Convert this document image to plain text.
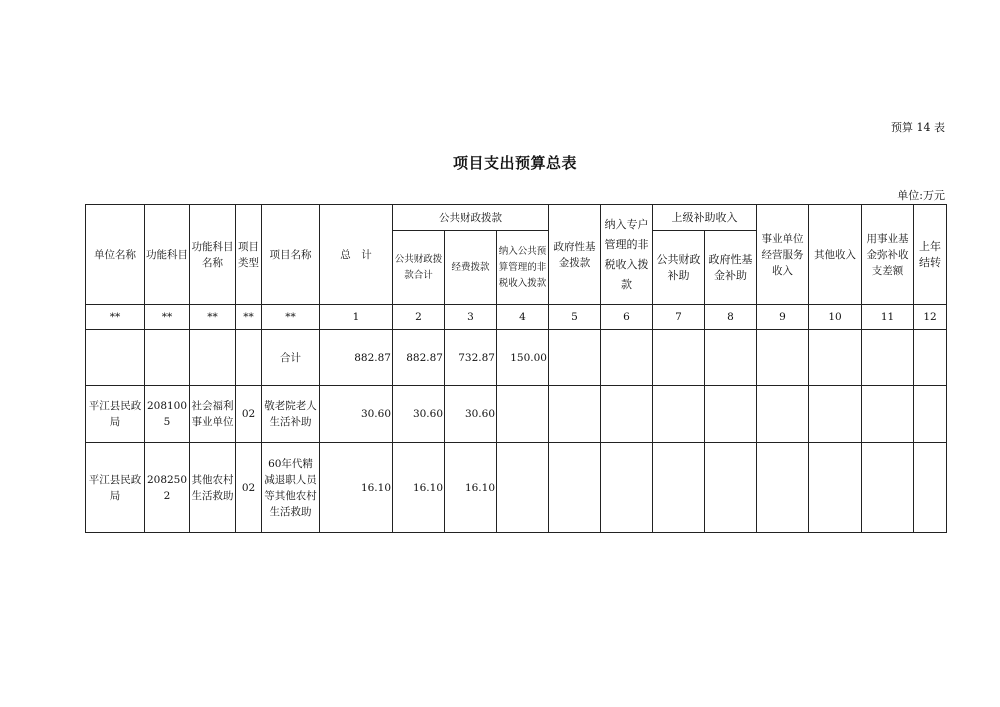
预算 14 表
项目支出预算总表
单位:万元
单位名称	功能科目	功能科目名称	项目类型	项目名称	总　计	公共财政拨款			政府性基金拨款	纳入专户管理的非税收入拨款	上级补助收入		事业单位经营服务收入	其他收入	用事业基金弥补收支差额	上年结转
						公共财政拨款合计	经费拨款	纳入公共预算管理的非税收入拨款			公共财政补助	政府性基金补助				
**	**	**	**	**	1	2	3	4	5	6	7	8	9	10	11	12
				合计	882.87	882.87	732.87	150.00								
平江县民政局	2081005	社会福利事业单位	02	敬老院老人生活补助	30.60	30.60	30.60									
平江县民政局	2082502	其他农村生活救助	02	60年代精减退职人员等其他农村生活救助	16.10	16.10	16.10									
